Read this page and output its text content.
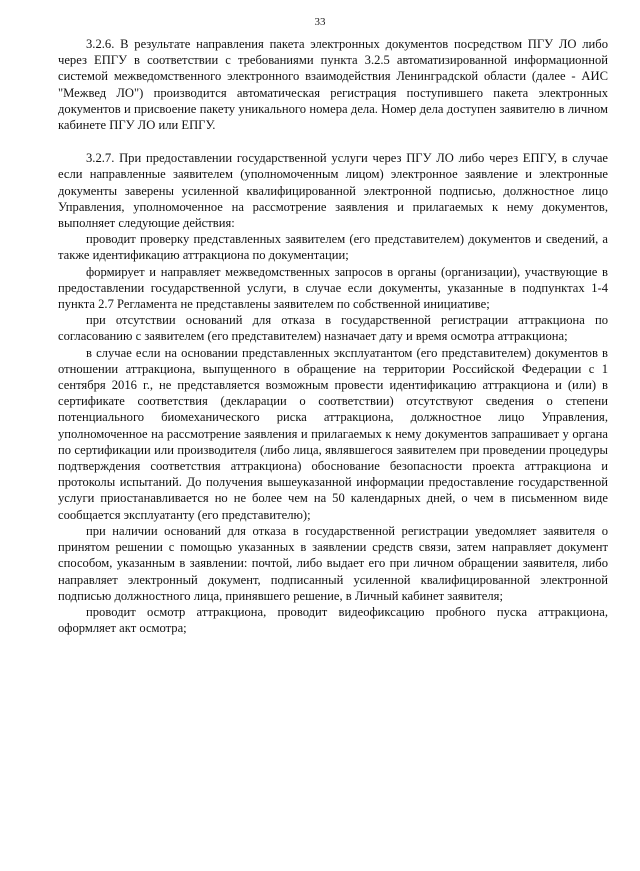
33

3.2.6. В результате направления пакета электронных документов посредством ПГУ ЛО либо через ЕПГУ в соответствии с требованиями пункта 3.2.5 автоматизированной информационной системой межведомственного электронного взаимодействия Ленинградской области (далее - АИС "Межвед ЛО") производится автоматическая регистрация поступившего пакета электронных документов и присвоение пакету уникального номера дела. Номер дела доступен заявителю в личном кабинете ПГУ ЛО или ЕПГУ.

3.2.7. При предоставлении государственной услуги через ПГУ ЛО либо через ЕПГУ, в случае если направленные заявителем (уполномоченным лицом) электронное заявление и электронные документы заверены усиленной квалифицированной электронной подписью, должностное лицо Управления, уполномоченное на рассмотрение заявления и прилагаемых к нему документов, выполняет следующие действия:

проводит проверку представленных заявителем (его представителем) документов и сведений, а также идентификацию аттракциона по документации;

формирует и направляет межведомственных запросов в органы (организации), участвующие в предоставлении государственной услуги, в случае если документы, указанные в подпунктах 1-4 пункта 2.7 Регламента не представлены заявителем по собственной инициативе;

при отсутствии оснований для отказа в государственной регистрации аттракциона по согласованию с заявителем (его представителем) назначает дату и время осмотра аттракциона;

в случае если на основании представленных эксплуатантом (его представителем) документов в отношении аттракциона, выпущенного в обращение на территории Российской Федерации с 1 сентября 2016 г., не представляется возможным провести идентификацию аттракциона и (или) в сертификате соответствия (декларации о соответствии) отсутствуют сведения о степени потенциального биомеханического риска аттракциона, должностное лицо Управления, уполномоченное на рассмотрение заявления и прилагаемых к нему документов запрашивает у органа по сертификации или производителя (либо лица, являвшегося заявителем при проведении процедуры подтверждения соответствия аттракциона) обоснование безопасности проекта аттракциона и протоколы испытаний. До получения вышеуказанной информации предоставление государственной услуги приостанавливается но не более чем на 50 календарных дней, о чем в письменном виде сообщается эксплуатанту (его представителю);

при наличии оснований для отказа в государственной регистрации уведомляет заявителя о принятом решении с помощью указанных в заявлении средств связи, затем направляет документ способом, указанным в заявлении: почтой, либо выдает его при личном обращении заявителя, либо направляет электронный документ, подписанный усиленной квалифицированной электронной подписью должностного лица, принявшего решение, в Личный кабинет заявителя;

проводит осмотр аттракциона, проводит видеофиксацию пробного пуска аттракциона, оформляет акт осмотра;
